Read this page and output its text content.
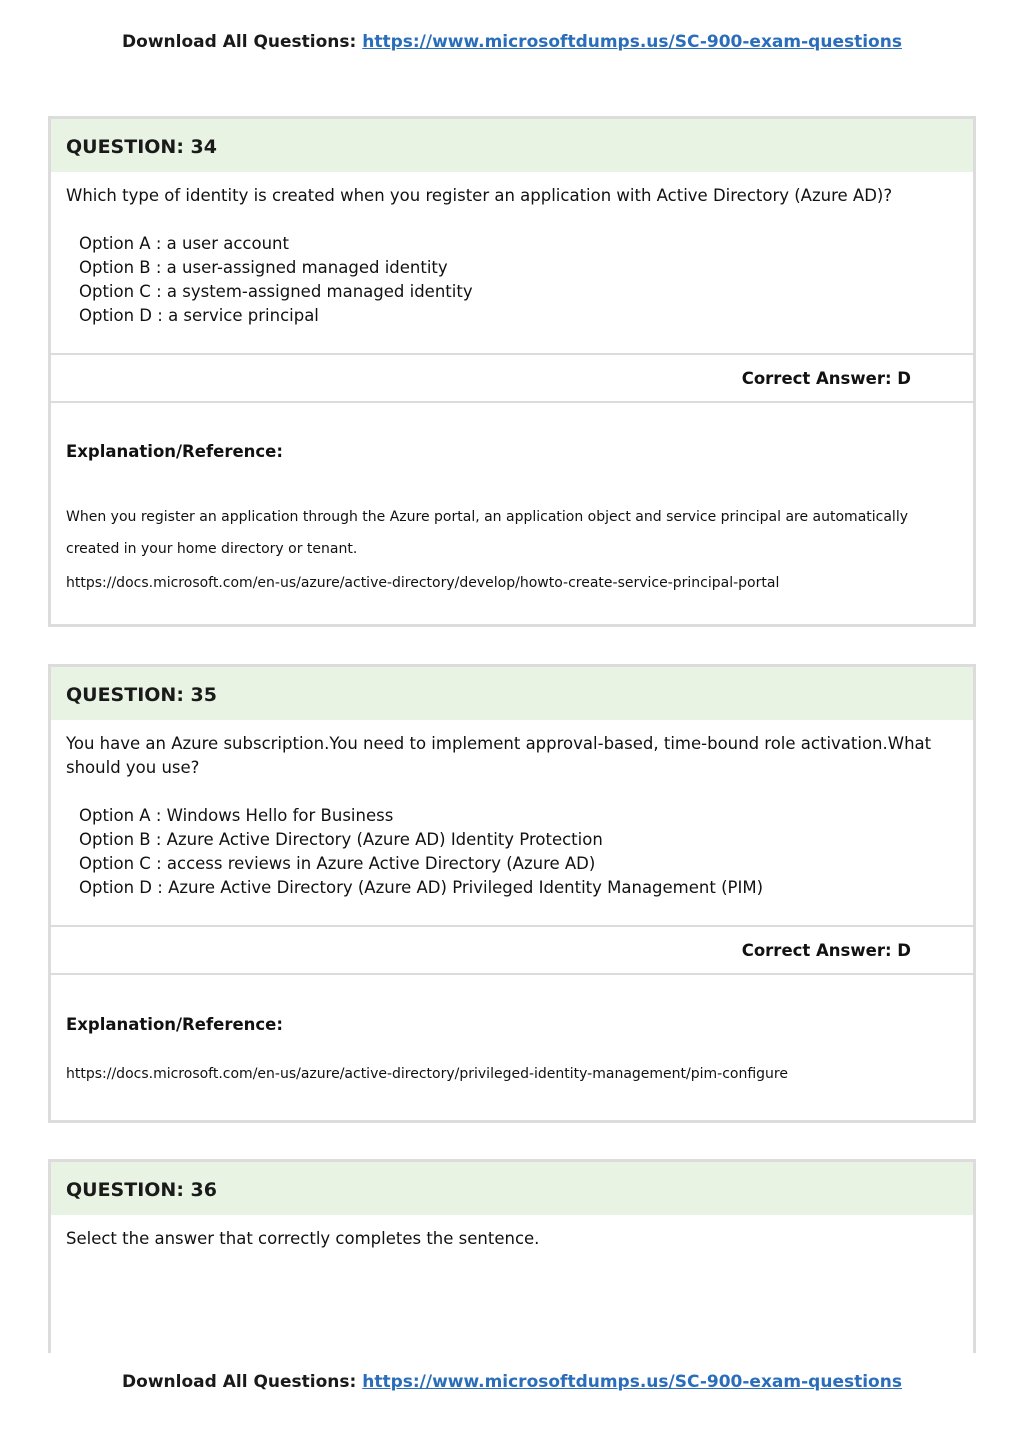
Download All Questions: https://www.microsoftdumps.us/SC-900-exam-questions
QUESTION: 34

Which type of identity is created when you register an application with Active Directory (Azure AD)?

Option A : a user account
Option B : a user-assigned managed identity
Option C : a system-assigned managed identity
Option D : a service principal
Correct Answer: D
Explanation/Reference:
When you register an application through the Azure portal, an application object and service principal are automatically created in your home directory or tenant.
https://docs.microsoft.com/en-us/azure/active-directory/develop/howto-create-service-principal-portal
QUESTION: 35

You have an Azure subscription.You need to implement approval-based, time-bound role activation.What should you use?

Option A : Windows Hello for Business
Option B : Azure Active Directory (Azure AD) Identity Protection
Option C : access reviews in Azure Active Directory (Azure AD)
Option D : Azure Active Directory (Azure AD) Privileged Identity Management (PIM)
Correct Answer: D
Explanation/Reference:
https://docs.microsoft.com/en-us/azure/active-directory/privileged-identity-management/pim-configure
QUESTION: 36

Select the answer that correctly completes the sentence.

Download All Questions: https://www.microsoftdumps.us/SC-900-exam-questions
